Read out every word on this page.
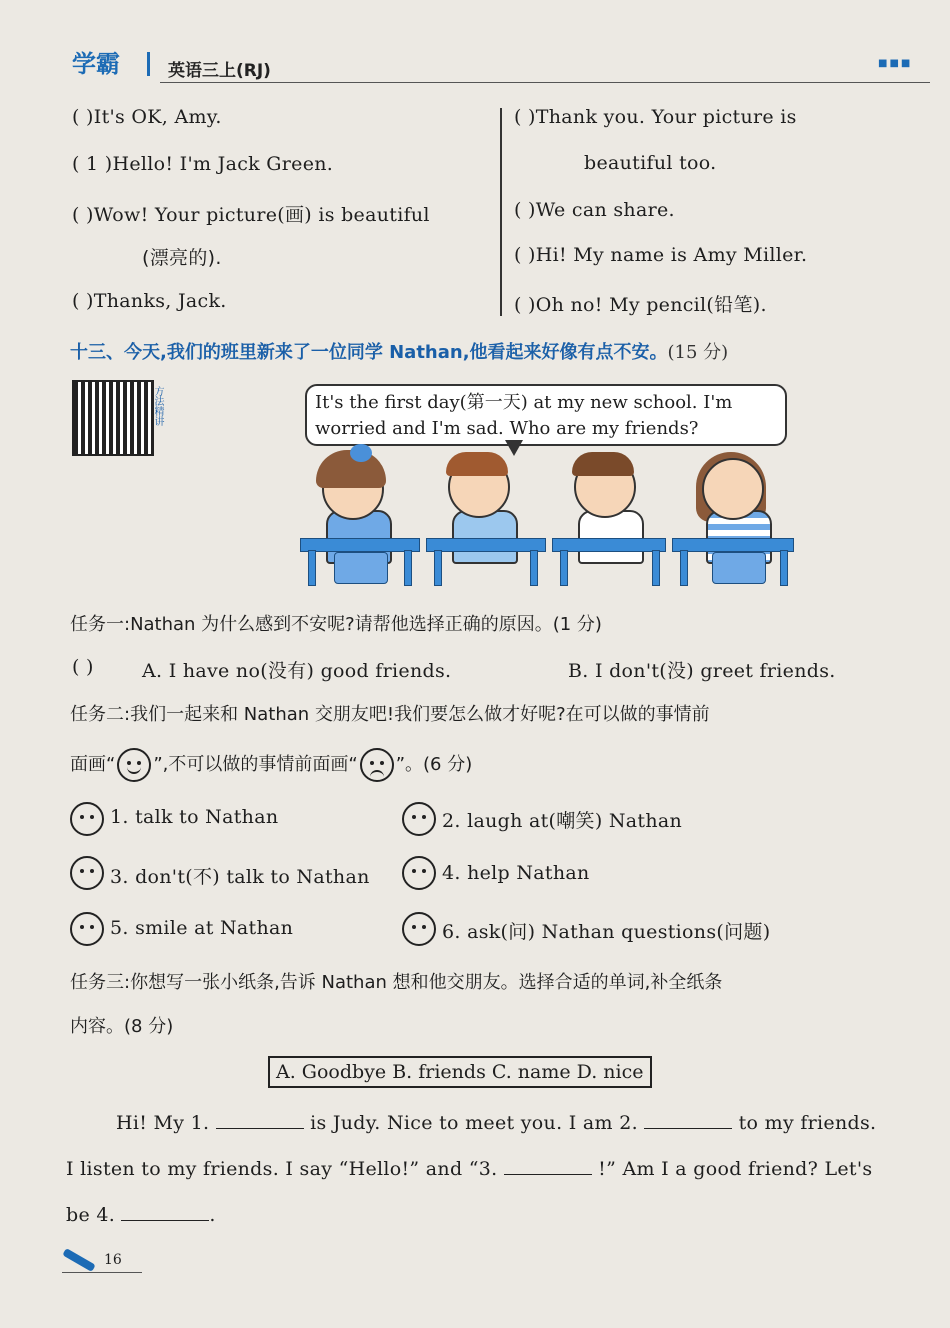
学霸	英语三上(RJ)	■■■
( )It's OK, Amy.
( 1 )Hello! I'm Jack Green.
( )Wow! Your picture(画) is beautiful
(漂亮的).
( )Thanks, Jack.
( )Thank you. Your picture is
beautiful too.
( )We can share.
( )Hi! My name is Amy Miller.
( )Oh no! My pencil(铅笔).
十三、今天,我们的班里新来了一位同学 Nathan,他看起来好像有点不安。(15 分)
方法精讲	It's the first day(第一天) at my new school. I'm worried and I'm sad. Who are my friends?
任务一:Nathan 为什么感到不安呢?请帮他选择正确的原因。(1 分)
( )	A. I have no(没有) good friends.	B. I don't(没) greet friends.
任务二:我们一起来和 Nathan 交朋友吧!我们要怎么做才好呢?在可以做的事情前
面画“ ”,不可以做的事情前面画“ ”。(6 分)
1. talk to Nathan	2. laugh at(嘲笑) Nathan
3. don't(不) talk to Nathan	4. help Nathan
5. smile at Nathan	6. ask(问) Nathan questions(问题)
任务三:你想写一张小纸条,告诉 Nathan 想和他交朋友。选择合适的单词,补全纸条
内容。(8 分)
A. Goodbye B. friends C. name D. nice
Hi! My 1.	is Judy. Nice to meet you. I am 2.	to my friends.
I listen to my friends. I say “Hello!” and “3.	!” Am I a good friend? Let's
be 4.	.
16
